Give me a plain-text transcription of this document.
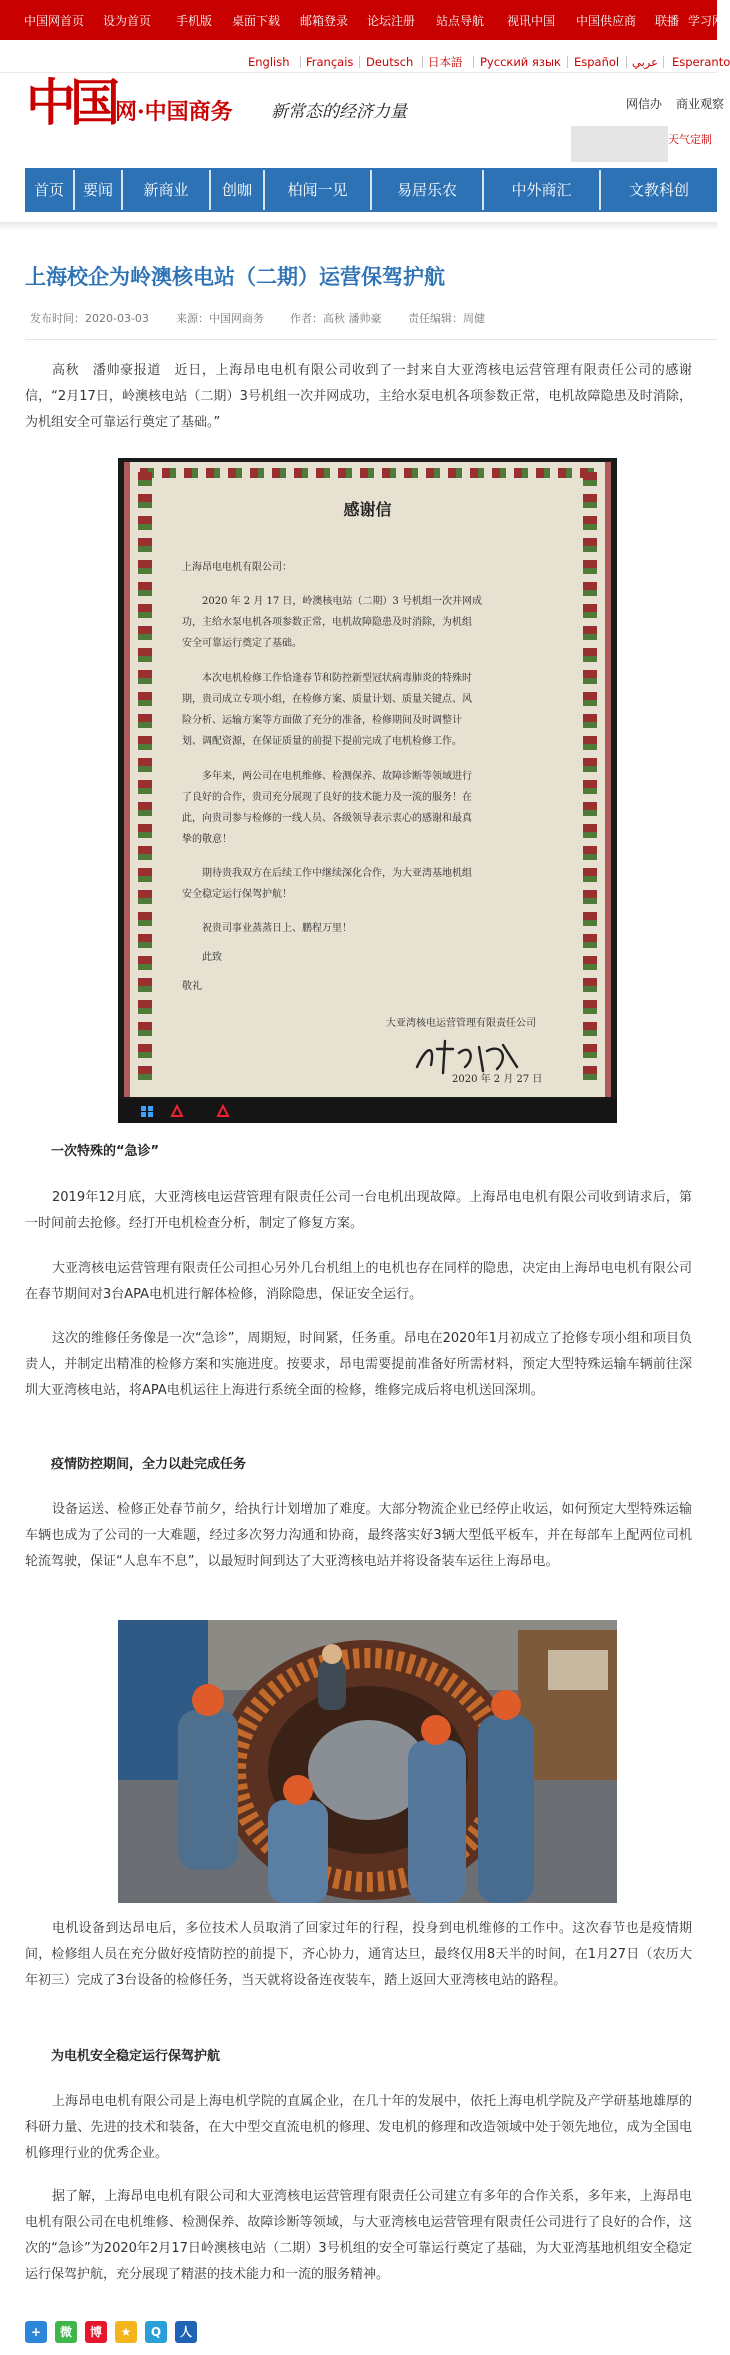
中国网首页 设为首页 手机版 桌面下载 邮箱登录 论坛注册 站点导航 视讯中国 中国供应商 联播 学习网
English Français Deutsch 日本語 Русский язык Español عربي Esperanto
中国 网·中国商务 新常态的经济力量	网信办 商业观察
天气定制
首页	要闻	新商业	创咖	柏闻一见	易居乐农	中外商汇	文教科创
上海校企为岭澳核电站（二期）运营保驾护航
发布时间：2020-03-03 来源：中国网商务 作者：高秋 潘帅豪 责任编辑：周健

高秋　潘帅豪报道　近日，上海昂电电机有限公司收到了一封来自大亚湾核电运营管理有限责任公司的感谢信，“2月17日，岭澳核电站（二期）3号机组一次并网成功，主给水泵电机各项参数正常，电机故障隐患及时消除，为机组安全可靠运行奠定了基础。”

感谢信
上海昂电电机有限公司：
2020 年 2 月 17 日，岭澳核电站（二期）3 号机组一次并网成
功，主给水泵电机各项参数正常，电机故障隐患及时消除，为机组
安全可靠运行奠定了基础。
本次电机检修工作恰逢春节和防控新型冠状病毒肺炎的特殊时
期，贵司成立专项小组，在检修方案、质量计划、质量关键点、风
险分析、运输方案等方面做了充分的准备，检修期间及时调整计
划、调配资源，在保证质量的前提下提前完成了电机检修工作。
多年来，两公司在电机维修、检测保养、故障诊断等领域进行
了良好的合作，贵司充分展现了良好的技术能力及一流的服务！在
此，向贵司参与检修的一线人员、各级领导表示衷心的感谢和最真
挚的敬意！
期待贵我双方在后续工作中继续深化合作，为大亚湾基地机组
安全稳定运行保驾护航！
祝贵司事业蒸蒸日上、鹏程万里！
此致
敬礼
大亚湾核电运营管理有限责任公司
2020 年 2 月 27 日
一次特殊的“急诊”

2019年12月底，大亚湾核电运营管理有限责任公司一台电机出现故障。上海昂电电机有限公司收到请求后，第一时间前去抢修。经打开电机检查分析，制定了修复方案。

大亚湾核电运营管理有限责任公司担心另外几台机组上的电机也存在同样的隐患，决定由上海昂电电机有限公司在春节期间对3台APA电机进行解体检修，消除隐患，保证安全运行。

这次的维修任务像是一次“急诊”，周期短，时间紧，任务重。昂电在2020年1月初成立了抢修专项小组和项目负责人，并制定出精准的检修方案和实施进度。按要求，昂电需要提前准备好所需材料，预定大型特殊运输车辆前往深圳大亚湾核电站，将APA电机运往上海进行系统全面的检修，维修完成后将电机送回深圳。

疫情防控期间，全力以赴完成任务

设备运送、检修正处春节前夕，给执行计划增加了难度。大部分物流企业已经停止收运，如何预定大型特殊运输车辆也成为了公司的一大难题，经过多次努力沟通和协商，最终落实好3辆大型低平板车，并在每部车上配两位司机轮流驾驶，保证“人息车不息”，以最短时间到达了大亚湾核电站并将设备装车运往上海昂电。

电机设备到达昂电后，多位技术人员取消了回家过年的行程，投身到电机维修的工作中。这次春节也是疫情期间，检修组人员在充分做好疫情防控的前提下，齐心协力，通宵达旦，最终仅用8天半的时间，在1月27日（农历大年初三）完成了3台设备的检修任务，当天就将设备连夜装车，踏上返回大亚湾核电站的路程。

为电机安全稳定运行保驾护航

上海昂电电机有限公司是上海电机学院的直属企业，在几十年的发展中，依托上海电机学院及产学研基地雄厚的科研力量、先进的技术和装备，在大中型交直流电机的修理、发电机的修理和改造领域中处于领先地位，成为全国电机修理行业的优秀企业。

据了解，上海昂电电机有限公司和大亚湾核电运营管理有限责任公司建立有多年的合作关系，多年来，上海昂电电机有限公司在电机维修、检测保养、故障诊断等领域，与大亚湾核电运营管理有限责任公司进行了良好的合作，这次的“急诊”为2020年2月17日岭澳核电站（二期）3号机组的安全可靠运行奠定了基础，为大亚湾基地机组安全稳定运行保驾护航，充分展现了精湛的技术能力和一流的服务精神。

+	微	博	★	Q	人
